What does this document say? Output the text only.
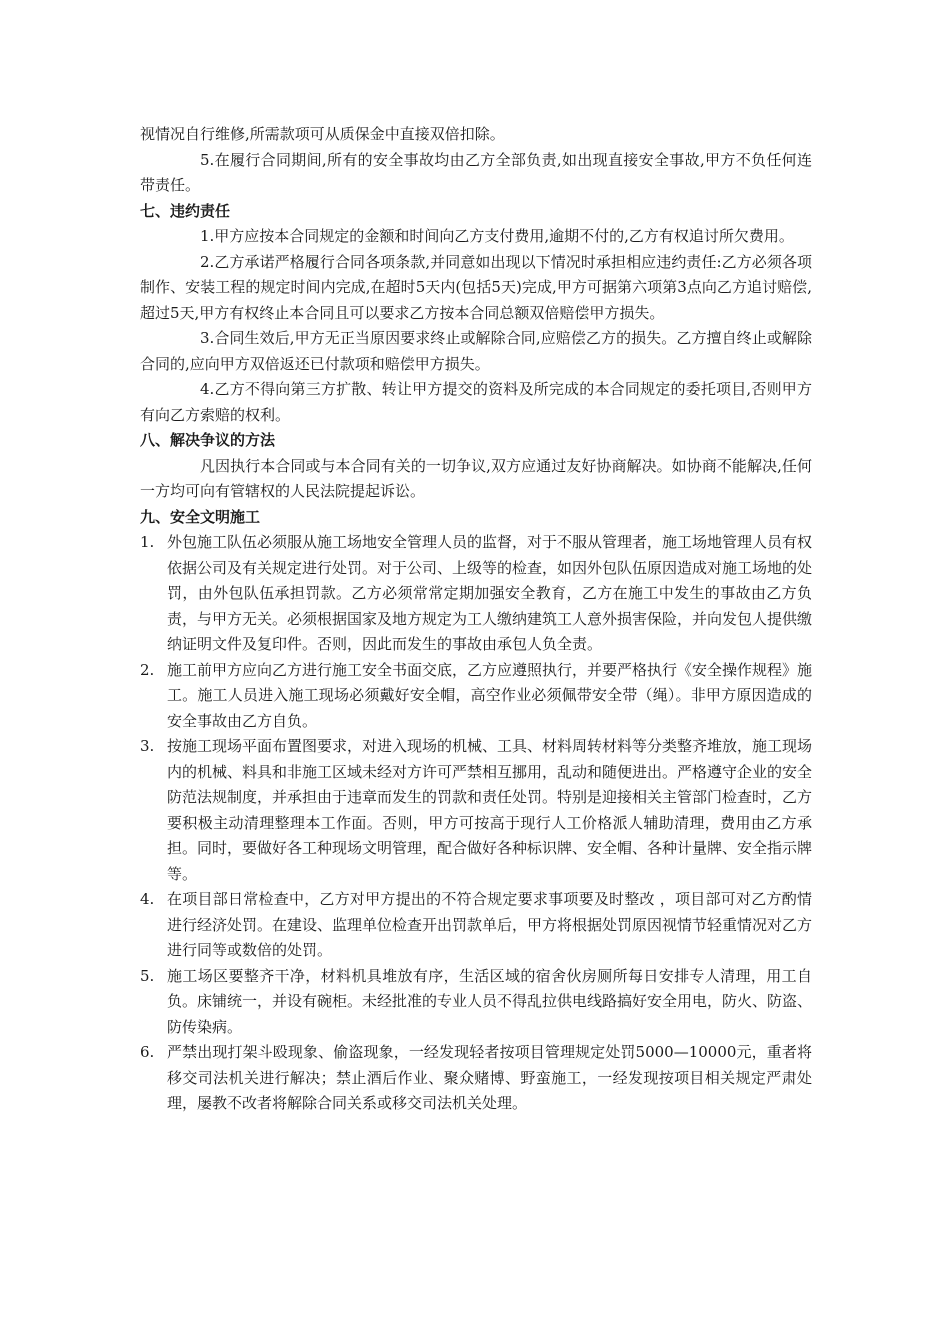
视情况自行维修,所需款项可从质保金中直接双倍扣除。

5.在履行合同期间,所有的安全事故均由乙方全部负责,如出现直接安全事故,甲方不负任何连带责任。

七、违约责任

1.甲方应按本合同规定的金额和时间向乙方支付费用,逾期不付的,乙方有权追讨所欠费用。

2.乙方承诺严格履行合同各项条款,并同意如出现以下情况时承担相应违约责任:乙方必须各项制作、安装工程的规定时间内完成,在超时5天内(包括5天)完成,甲方可据第六项第3点向乙方追讨赔偿,超过5天,甲方有权终止本合同且可以要求乙方按本合同总额双倍赔偿甲方损失。

3.合同生效后,甲方无正当原因要求终止或解除合同,应赔偿乙方的损失。乙方擅自终止或解除合同的,应向甲方双倍返还已付款项和赔偿甲方损失。

4.乙方不得向第三方扩散、转让甲方提交的资料及所完成的本合同规定的委托项目,否则甲方有向乙方索赔的权利。

八、解决争议的方法

凡因执行本合同或与本合同有关的一切争议,双方应通过友好协商解决。如协商不能解决,任何一方均可向有管辖权的人民法院提起诉讼。

九、安全文明施工

1. 外包施工队伍必须服从施工场地安全管理人员的监督，对于不服从管理者，施工场地管理人员有权依据公司及有关规定进行处罚。对于公司、上级等的检查，如因外包队伍原因造成对施工场地的处罚，由外包队伍承担罚款。乙方必须常常定期加强安全教育，乙方在施工中发生的事故由乙方负责，与甲方无关。必须根据国家及地方规定为工人缴纳建筑工人意外损害保险，并向发包人提供缴纳证明文件及复印件。否则，因此而发生的事故由承包人负全责。
2. 施工前甲方应向乙方进行施工安全书面交底，乙方应遵照执行，并要严格执行《安全操作规程》施工。施工人员进入施工现场必须戴好安全帽，高空作业必须佩带安全带（绳）。非甲方原因造成的安全事故由乙方自负。
3. 按施工现场平面布置图要求，对进入现场的机械、工具、材料周转材料等分类整齐堆放，施工现场内的机械、料具和非施工区域未经对方许可严禁相互挪用，乱动和随便进出。严格遵守企业的安全防范法规制度，并承担由于违章而发生的罚款和责任处罚。特别是迎接相关主管部门检查时，乙方要积极主动清理整理本工作面。否则，甲方可按高于现行人工价格派人辅助清理，费用由乙方承担。同时，要做好各工种现场文明管理，配合做好各种标识牌、安全帽、各种计量牌、安全指示牌等。
4. 在项目部日常检查中，乙方对甲方提出的不符合规定要求事项要及时整改 ，项目部可对乙方酌情进行经济处罚。在建设、监理单位检查开出罚款单后，甲方将根据处罚原因视情节轻重情况对乙方进行同等或数倍的处罚。
5. 施工场区要整齐干净，材料机具堆放有序，生活区域的宿舍伙房厕所每日安排专人清理，用工自负。床铺统一，并设有碗柜。未经批准的专业人员不得乱拉供电线路搞好安全用电，防火、防盗、防传染病。
6. 严禁出现打架斗殴现象、偷盗现象，一经发现轻者按项目管理规定处罚5000—10000元，重者将移交司法机关进行解决；禁止酒后作业、聚众赌博、野蛮施工，一经发现按项目相关规定严肃处理，屡教不改者将解除合同关系或移交司法机关处理。
